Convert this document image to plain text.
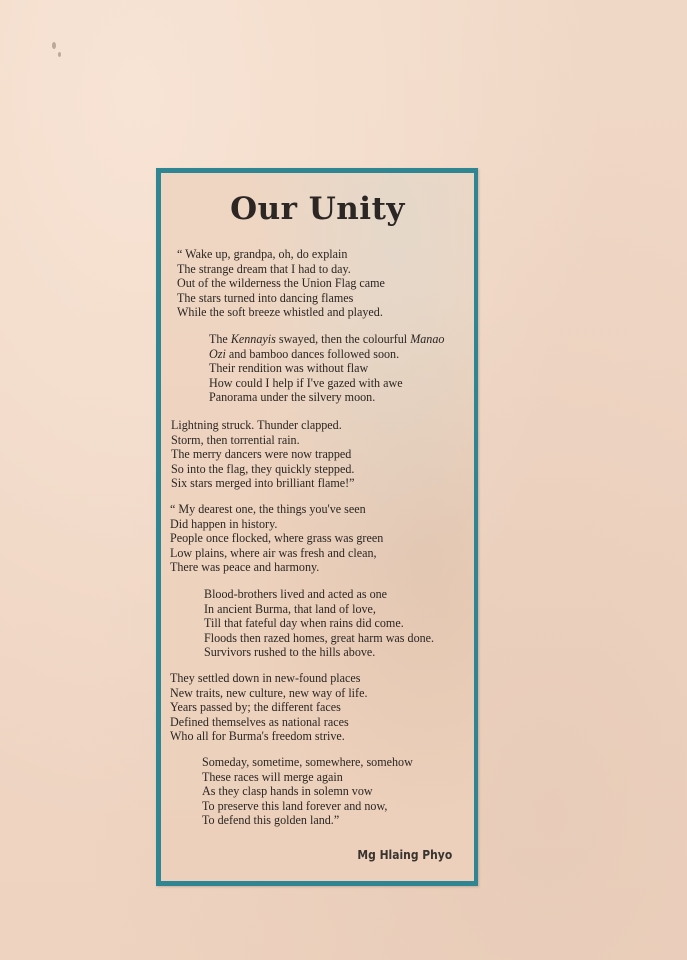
Our Unity
“ Wake up, grandpa, oh, do explain
The strange dream that I had to day.
Out of the wilderness the Union Flag came
The stars turned into dancing flames
While the soft breeze whistled and played.
The Kennayis swayed, then the colourful Manao
Ozi and bamboo dances followed soon.
Their rendition was without flaw
How could I help if I've gazed with awe
Panorama under the silvery moon.
Lightning struck. Thunder clapped.
Storm, then torrential rain.
The merry dancers were now trapped
So into the flag, they quickly stepped.
Six stars merged into brilliant flame!”
“ My dearest one, the things you've seen
Did happen in history.
People once flocked, where grass was green
Low plains, where air was fresh and clean,
There was peace and harmony.
Blood-brothers lived and acted as one
In ancient Burma, that land of love,
Till that fateful day when rains did come.
Floods then razed homes, great harm was done.
Survivors rushed to the hills above.
They settled down in new-found places
New traits, new culture, new way of life.
Years passed by; the different faces
Defined themselves as national races
Who all for Burma's freedom strive.
Someday, sometime, somewhere, somehow
These races will merge again
As they clasp hands in solemn vow
To preserve this land forever and now,
To defend this golden land.”
Mg Hlaing Phyo
